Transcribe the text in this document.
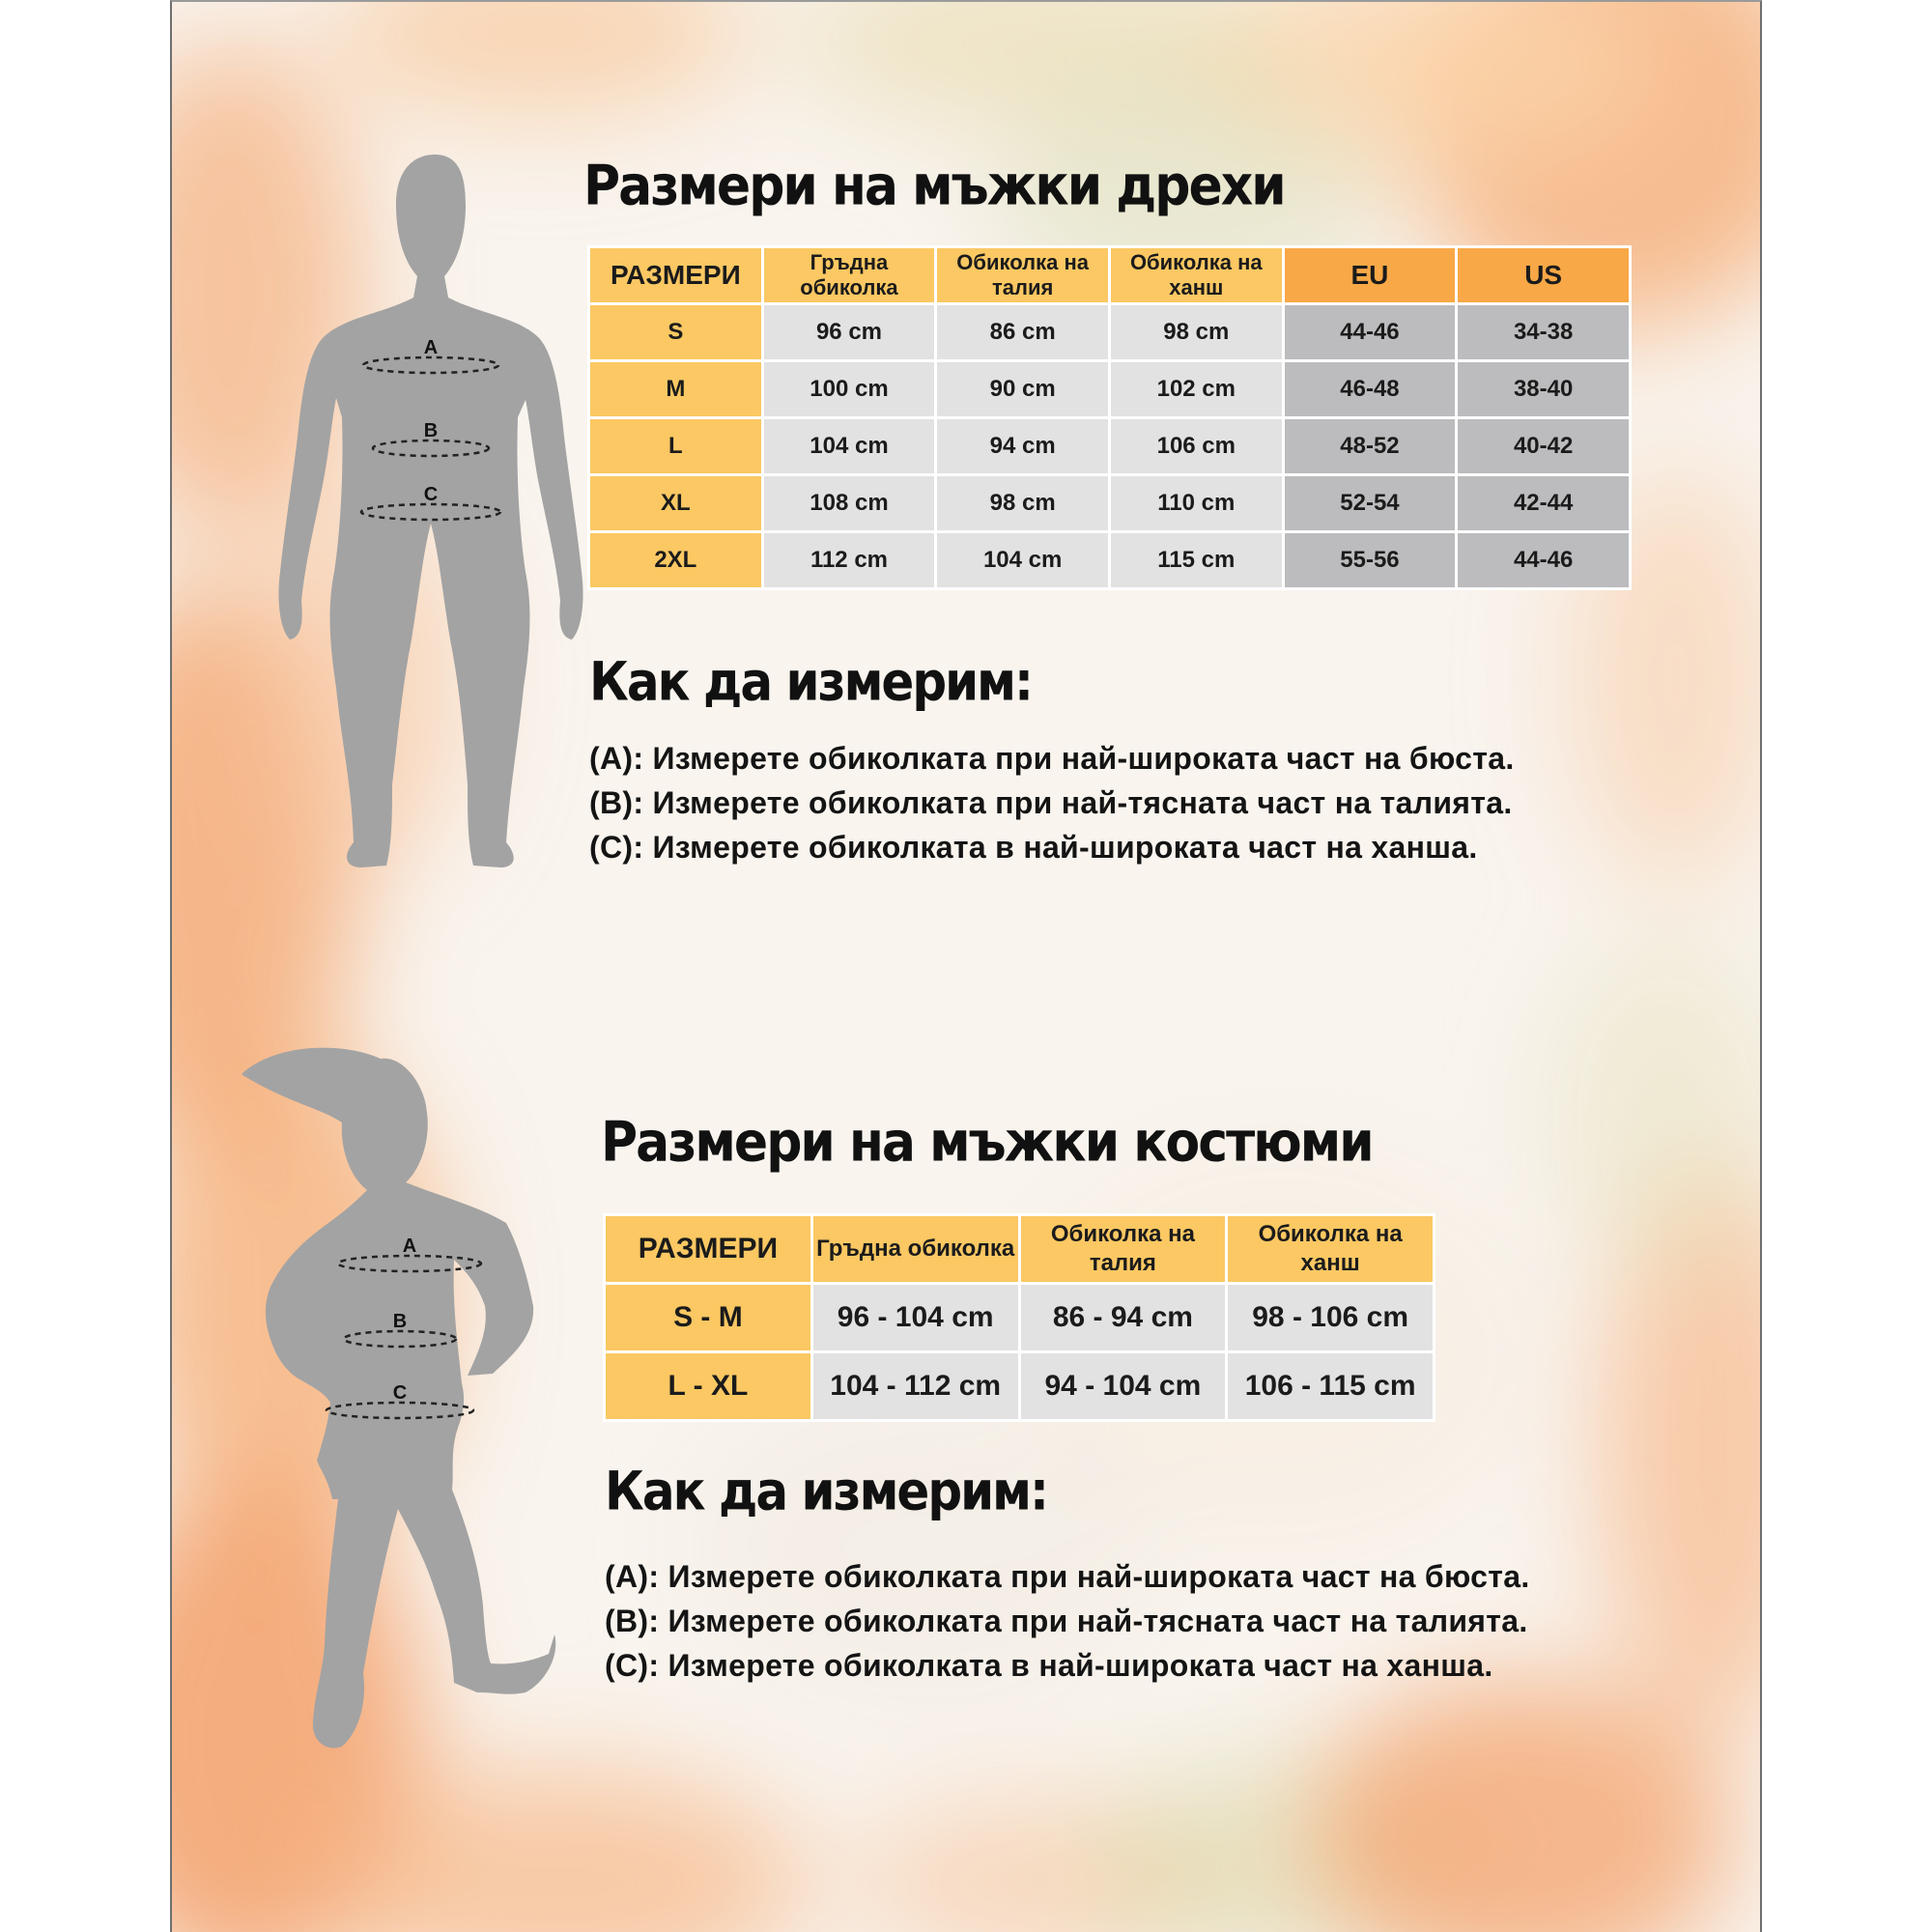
A
B
C
Размери на мъжки дрехи
РАЗМЕРИ	Гръдна обиколка	Обиколка на талия	Обиколка на ханш	EU	US
S	96 cm	86 cm	98 cm	44-46	34-38
M	100 cm	90 cm	102 cm	46-48	38-40
L	104 cm	94 cm	106 cm	48-52	40-42
XL	108 cm	98 cm	110 cm	52-54	42-44
2XL	112 cm	104 cm	115 cm	55-56	44-46
Как да измерим:
(A): Измерете обиколката при най-широката част на бюста.
(B): Измерете обиколката при най-тясната част на талията.
(C): Измерете обиколката в най-широката част на ханша.
A
B
C
Размери на мъжки костюми
РАЗМЕРИ	Гръдна обиколка	Обиколка на талия	Обиколка на ханш
S - M	96 - 104 cm	86 - 94 cm	98 - 106 cm
L - XL	104 - 112 cm	94 - 104 cm	106 - 115 cm
Как да измерим:
(A): Измерете обиколката при най-широката част на бюста.
(B): Измерете обиколката при най-тясната част на талията.
(C): Измерете обиколката в най-широката част на ханша.
